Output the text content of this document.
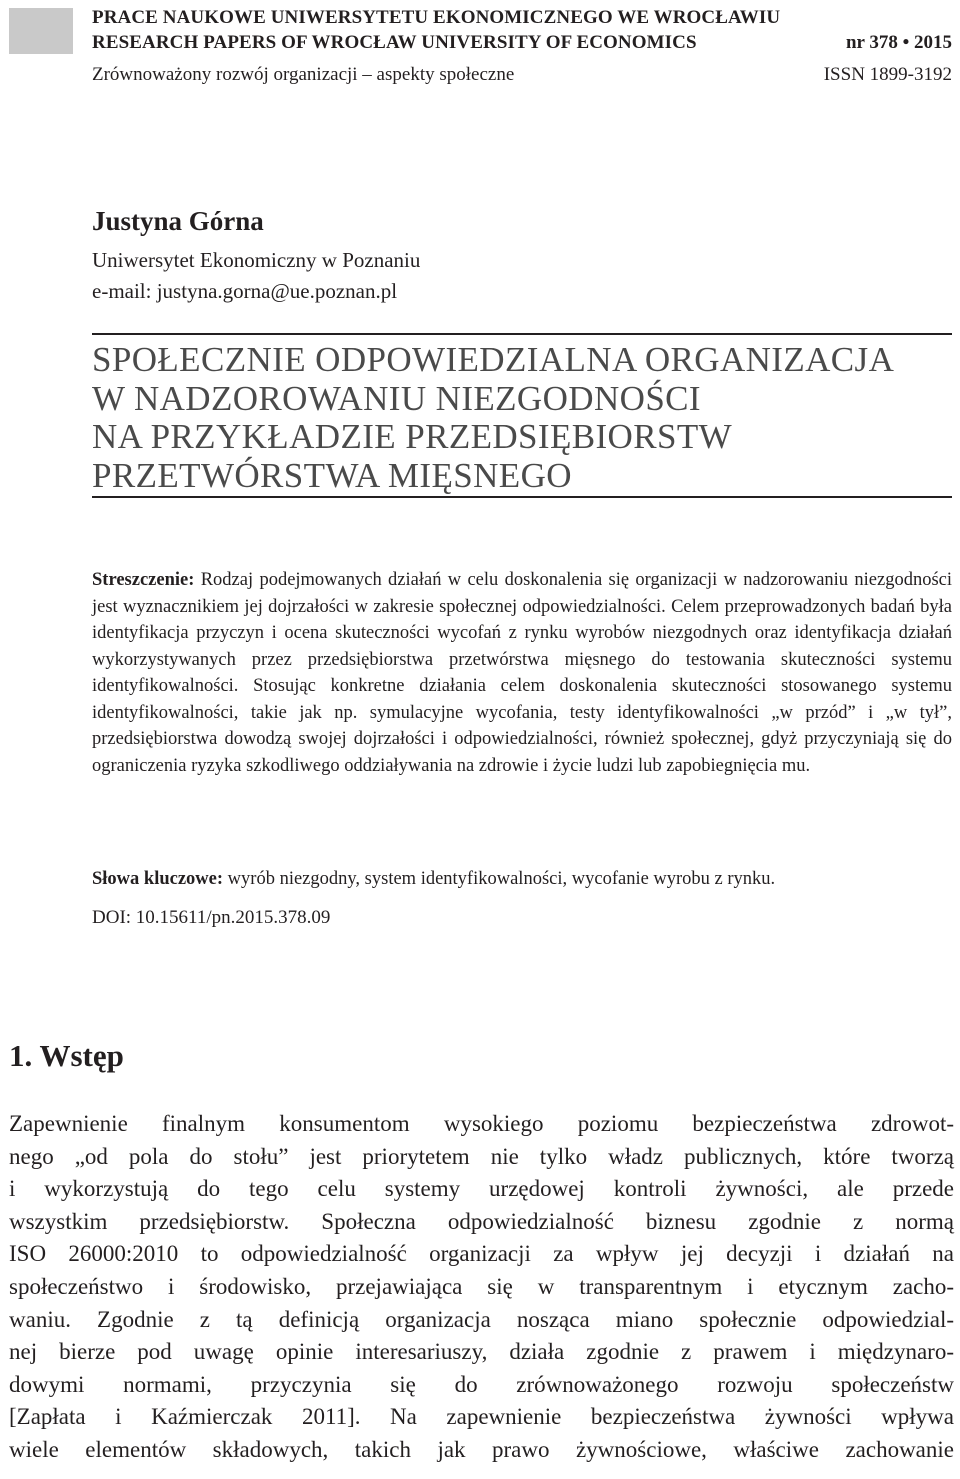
PRACE NAUKOWE UNIWERSYTETU EKONOMICZNEGO WE WROCŁAWIU
RESEARCH PAPERS OF WROCŁAW UNIVERSITY OF ECONOMICS	nr 378 • 2015
Zrównoważony rozwój organizacji – aspekty społeczne	ISSN 1899-3192
Justyna Górna
Uniwersytet Ekonomiczny w Poznaniu
e-mail: justyna.gorna@ue.poznan.pl
SPOŁECZNIE ODPOWIEDZIALNA ORGANIZACJA
W NADZOROWANIU NIEZGODNOŚCI
NA PRZYKŁADZIE PRZEDSIĘBIORSTW
PRZETWÓRSTWA MIĘSNEGO
Streszczenie: Rodzaj podejmowanych działań w celu doskonalenia się organizacji w nadzorowaniu niezgodności jest wyznacznikiem jej dojrzałości w zakresie społecznej odpowiedzialności. Celem przeprowadzonych badań była identyfikacja przyczyn i ocena skuteczności wycofań z rynku wyrobów niezgodnych oraz identyfikacja działań wykorzystywanych przez przedsiębiorstwa przetwórstwa mięsnego do testowania skuteczności systemu identyfikowalności. Stosując konkretne działania celem doskonalenia skuteczności stosowanego systemu identyfikowalności, takie jak np. symulacyjne wycofania, testy identyfikowalności „w przód” i „w tył”, przedsiębiorstwa dowodzą swojej dojrzałości i odpowiedzialności, również społecznej, gdyż przyczyniają się do ograniczenia ryzyka szkodliwego oddziaływania na zdrowie i życie ludzi lub zapobiegnięcia mu.
Słowa kluczowe: wyrób niezgodny, system identyfikowalności, wycofanie wyrobu z rynku.
DOI: 10.15611/pn.2015.378.09
1. Wstęp
Zapewnienie finalnym konsumentom wysokiego poziomu bezpieczeństwa zdrowot-
nego „od pola do stołu” jest priorytetem nie tylko władz publicznych, które tworzą
i wykorzystują do tego celu systemy urzędowej kontroli żywności, ale przede
wszystkim przedsiębiorstw. Społeczna odpowiedzialność biznesu zgodnie z normą
ISO 26000:2010 to odpowiedzialność organizacji za wpływ jej decyzji i działań na
społeczeństwo i środowisko, przejawiająca się w transparentnym i etycznym zacho-
waniu. Zgodnie z tą definicją organizacja nosząca miano społecznie odpowiedzial-
nej bierze pod uwagę opinie interesariuszy, działa zgodnie z prawem i międzynaro-
dowymi normami, przyczynia się do zrównoważonego rozwoju społeczeństw
[Zapłata i Kaźmierczak 2011]. Na zapewnienie bezpieczeństwa żywności wpływa
wiele elementów składowych, takich jak prawo żywnościowe, właściwe zachowanie
